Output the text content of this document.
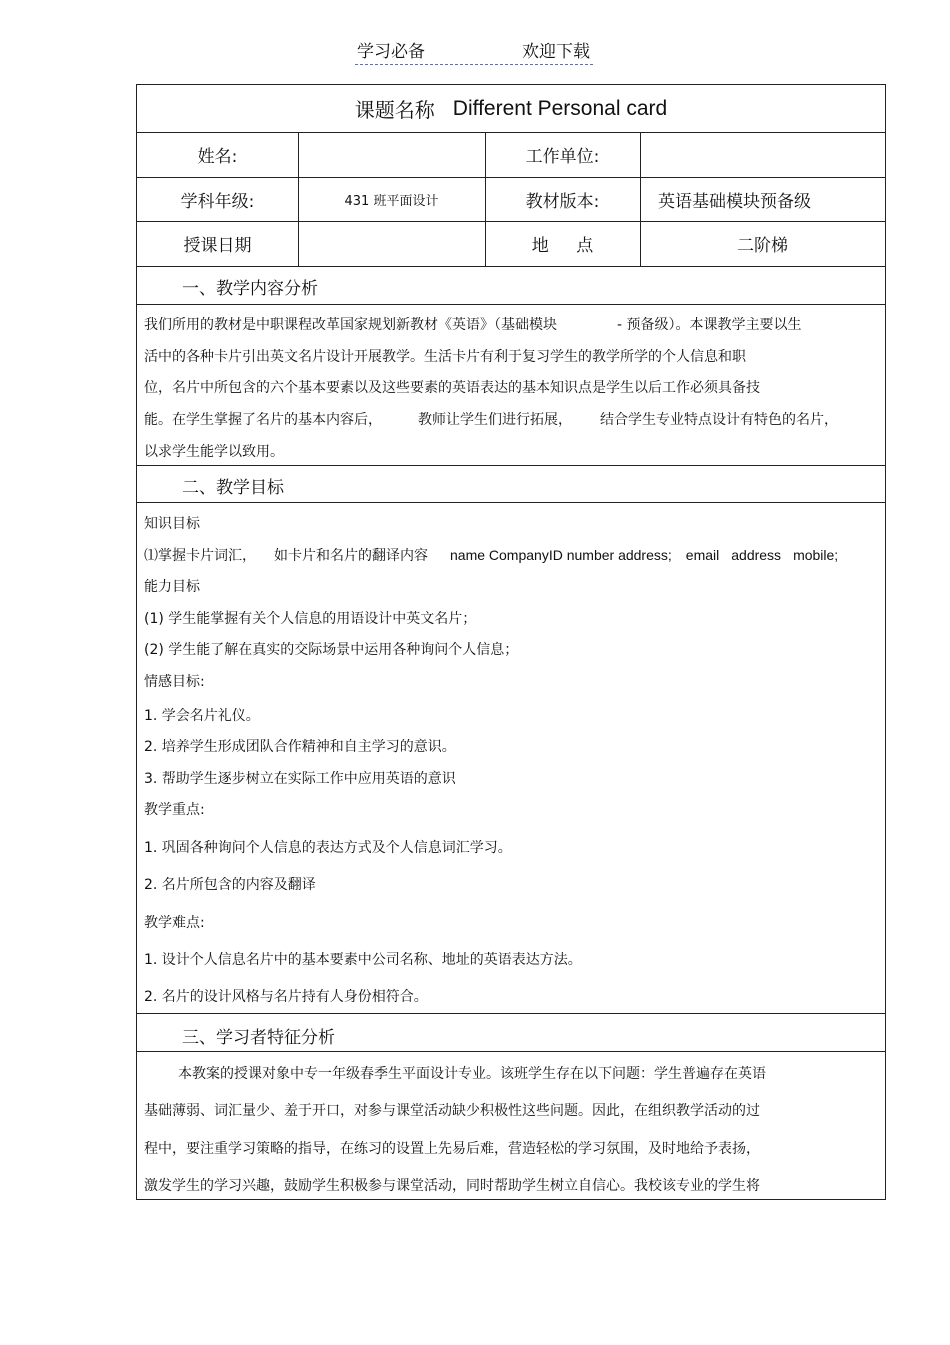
学习必备	欢迎下载
课题名称 Different Personal card
姓名:	工作单位:
学科年级:	431 班平面设计	教材版本:	英语基础模块预备级
授课日期	地 点	二阶梯
一、教学内容分析
我们所用的教材是中职课程改革国家规划新教材《英语》（基础模块	- 预备级）。本课教学主要以生
活中的各种卡片引出英文名片设计开展教学。生活卡片有利于复习学生的教学所学的个人信息和职
位，名片中所包含的六个基本要素以及这些要素的英语表达的基本知识点是学生以后工作必须具备技
能。在学生掌握了名片的基本内容后，	教师让学生们进行拓展， 结合学生专业特点设计有特色的名片，
以求学生能学以致用。
二、教学目标
知识目标
⑴掌握卡片词汇， 如卡片和名片的翻译内容 name CompanyID number address; email address mobile;
能力目标
(1) 学生能掌握有关个人信息的用语设计中英文名片；
(2) 学生能了解在真实的交际场景中运用各种询问个人信息；
情感目标:
1. 学会名片礼仪。
2. 培养学生形成团队合作精神和自主学习的意识。
3. 帮助学生逐步树立在实际工作中应用英语的意识
教学重点:
1. 巩固各种询问个人信息的表达方式及个人信息词汇学习。
2. 名片所包含的内容及翻译
教学难点:
1. 设计个人信息名片中的基本要素中公司名称、地址的英语表达方法。
2. 名片的设计风格与名片持有人身份相符合。
三、学习者特征分析
本教案的授课对象中专一年级春季生平面设计专业。该班学生存在以下问题：学生普遍存在英语
基础薄弱、词汇量少、羞于开口，对参与课堂活动缺少积极性这些问题。因此，在组织教学活动的过
程中，要注重学习策略的指导，在练习的设置上先易后难，营造轻松的学习氛围，及时地给予表扬，
激发学生的学习兴趣，鼓励学生积极参与课堂活动，同时帮助学生树立自信心。我校该专业的学生将
